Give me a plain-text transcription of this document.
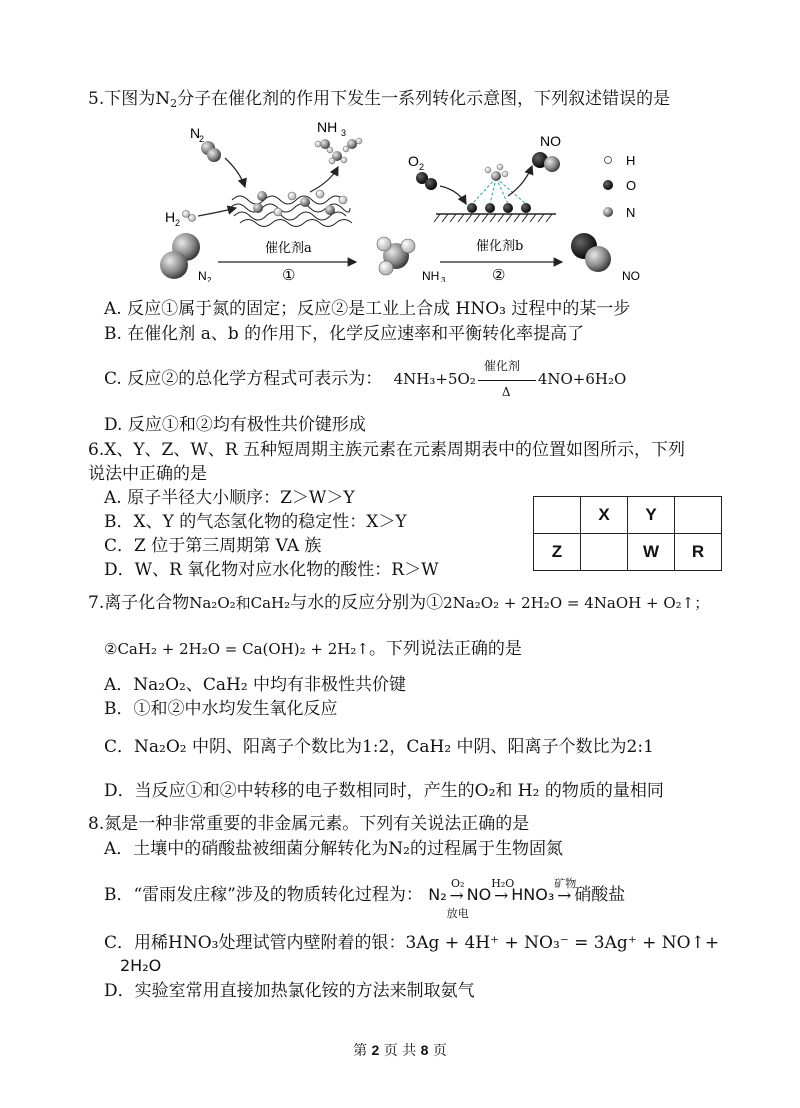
5.下图为$N_2$分子在催化剂的作用下发生一系列转化示意图，下列叙述错误的是
N
2
NH 3
H 2
N 2
催化剂a
①	NH 3
催化剂b
②	NO
O 2
NO
H
O
N
A. 反应①属于氮的固定；反应②是工业上合成 HNO₃ 过程中的某一步
B. 在催化剂 a、b 的作用下，化学反应速率和平衡转化率提高了
C. 反应②的总化学方程式可表示为： $4NH_3+5O_2 \frac{\text{催化剂}}{\Delta} 4NO+6H_2O$
D. 反应①和②均有极性共价键形成
6.X、Y、Z、W、R 五种短周期主族元素在元素周期表中的位置如图所示，下列
说法中正确的是
A. 原子半径大小顺序：Z＞W＞Y
B．X、Y 的气态氢化物的稳定性：X＞Y
C．Z 位于第三周期第 VA 族
D．W、R 氧化物对应水化物的酸性：R＞W
	X	Y	
Z		W	R
7.离子化合物Na₂O₂和CaH₂与水的反应分别为①2Na₂O₂ + 2H₂O = 4NaOH + O₂↑；
②CaH₂ + 2H₂O = Ca(OH)₂ + 2H₂↑。下列说法正确的是
A．Na₂O₂、CaH₂ 中均有非极性共价键
B．①和②中水均发生氧化反应
C．Na₂O₂ 中阴、阳离子个数比为1:2，CaH₂ 中阴、阳离子个数比为2:1
D．当反应①和②中转移的电子数相同时，产生的O₂和 H₂ 的物质的量相同
8.氮是一种非常重要的非金属元素。下列有关说法正确的是
A．土壤中的硝酸盐被细菌分解转化为N₂的过程属于生物固氮
B．“雷雨发庄稼”涉及的物质转化过程为： N₂
O₂
→
放电
NO
H₂O
→ HNO₃
矿物
→ 硝酸盐
C．用稀HNO₃处理试管内壁附着的银：3Ag + 4H⁺ + NO₃⁻ = 3Ag⁺ + NO↑+
2H₂O
D．实验室常用直接加热氯化铵的方法来制取氨气
第 2 页 共 8 页
